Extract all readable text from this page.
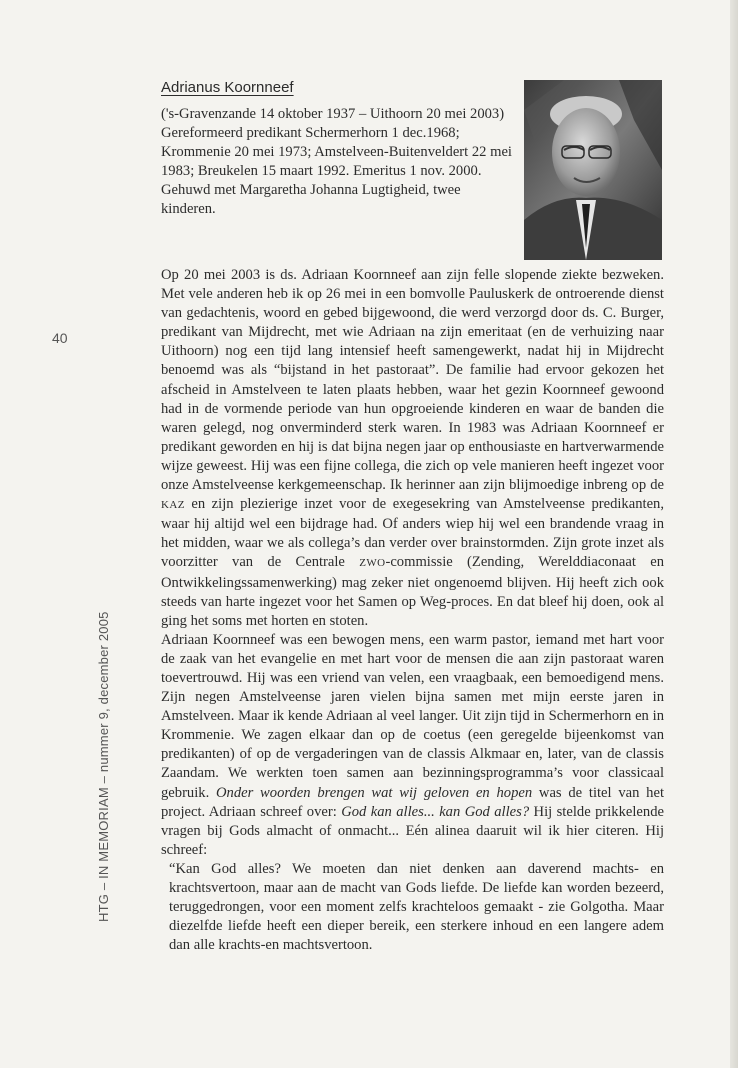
40
HTG – IN MEMORIAM – nummer 9, december 2005
Adrianus Koornneef

('s-Gravenzande 14 oktober 1937 – Uithoorn 20 mei 2003)

Gereformeerd predikant Schermerhorn 1 dec.1968; Krommenie 20 mei 1973; Amstelveen-Buitenveldert 22 mei 1983; Breukelen 15 maart 1992. Emeritus 1 nov. 2000. Gehuwd met Margaretha Johanna Lugtigheid, twee kinderen.

Op 20 mei 2003 is ds. Adriaan Koornneef aan zijn felle slopende ziekte bezweken. Met vele anderen heb ik op 26 mei in een bomvolle Pauluskerk de ontroerende dienst van gedachtenis, woord en gebed bijgewoond, die werd verzorgd door ds. C. Burger, predikant van Mijdrecht, met wie Adriaan na zijn emeritaat (en de verhuizing naar Uithoorn) nog een tijd lang intensief heeft samengewerkt, nadat hij in Mijdrecht benoemd was als “bijstand in het pastoraat”. De familie had ervoor gekozen het afscheid in Amstelveen te laten plaats hebben, waar het gezin Koornneef gewoond had in de vormende periode van hun opgroeiende kinderen en waar de banden die waren gelegd, nog onverminderd sterk waren. In 1983 was Adriaan Koornneef er predikant geworden en hij is dat bijna negen jaar op enthousiaste en hartverwarmende wijze geweest. Hij was een fijne collega, die zich op vele manieren heeft ingezet voor onze Amstelveense kerkgemeenschap. Ik herinner aan zijn blijmoedige inbreng op de KAZ en zijn plezierige inzet voor de exegesekring van Amstelveense predikanten, waar hij altijd wel een bijdrage had. Of anders wiep hij wel een brandende vraag in het midden, waar we als collega’s dan verder over brainstormden. Zijn grote inzet als voorzitter van de Centrale ZWO-commissie (Zending, Werelddiaconaat en Ontwikkelingssamenwerking) mag zeker niet ongenoemd blijven. Hij heeft zich ook steeds van harte ingezet voor het Samen op Weg-proces. En dat bleef hij doen, ook al ging het soms met horten en stoten.

Adriaan Koornneef was een bewogen mens, een warm pastor, iemand met hart voor de zaak van het evangelie en met hart voor de mensen die aan zijn pastoraat waren toevertrouwd. Hij was een vriend van velen, een vraagbaak, een bemoedigend mens. Zijn negen Amstelveense jaren vielen bijna samen met mijn eerste jaren in Amstelveen. Maar ik kende Adriaan al veel langer. Uit zijn tijd in Schermerhorn en in Krommenie. We zagen elkaar dan op de coetus (een geregelde bijeenkomst van predikanten) of op de vergaderingen van de classis Alkmaar en, later, van de classis Zaandam. We werkten toen samen aan bezinningsprogramma’s voor classicaal gebruik. Onder woorden brengen wat wij geloven en hopen was de titel van het project. Adriaan schreef over: God kan alles... kan God alles? Hij stelde prikkelende vragen bij Gods almacht of onmacht... Eén alinea daaruit wil ik hier citeren. Hij schreef:

“Kan God alles? We moeten dan niet denken aan daverend machts- en krachtsvertoon, maar aan de macht van Gods liefde. De liefde kan worden bezeerd, teruggedrongen, voor een moment zelfs krachteloos gemaakt - zie Golgotha. Maar diezelfde liefde heeft een dieper bereik, een sterkere inhoud en een langere adem dan alle krachts-en machtsvertoon.
